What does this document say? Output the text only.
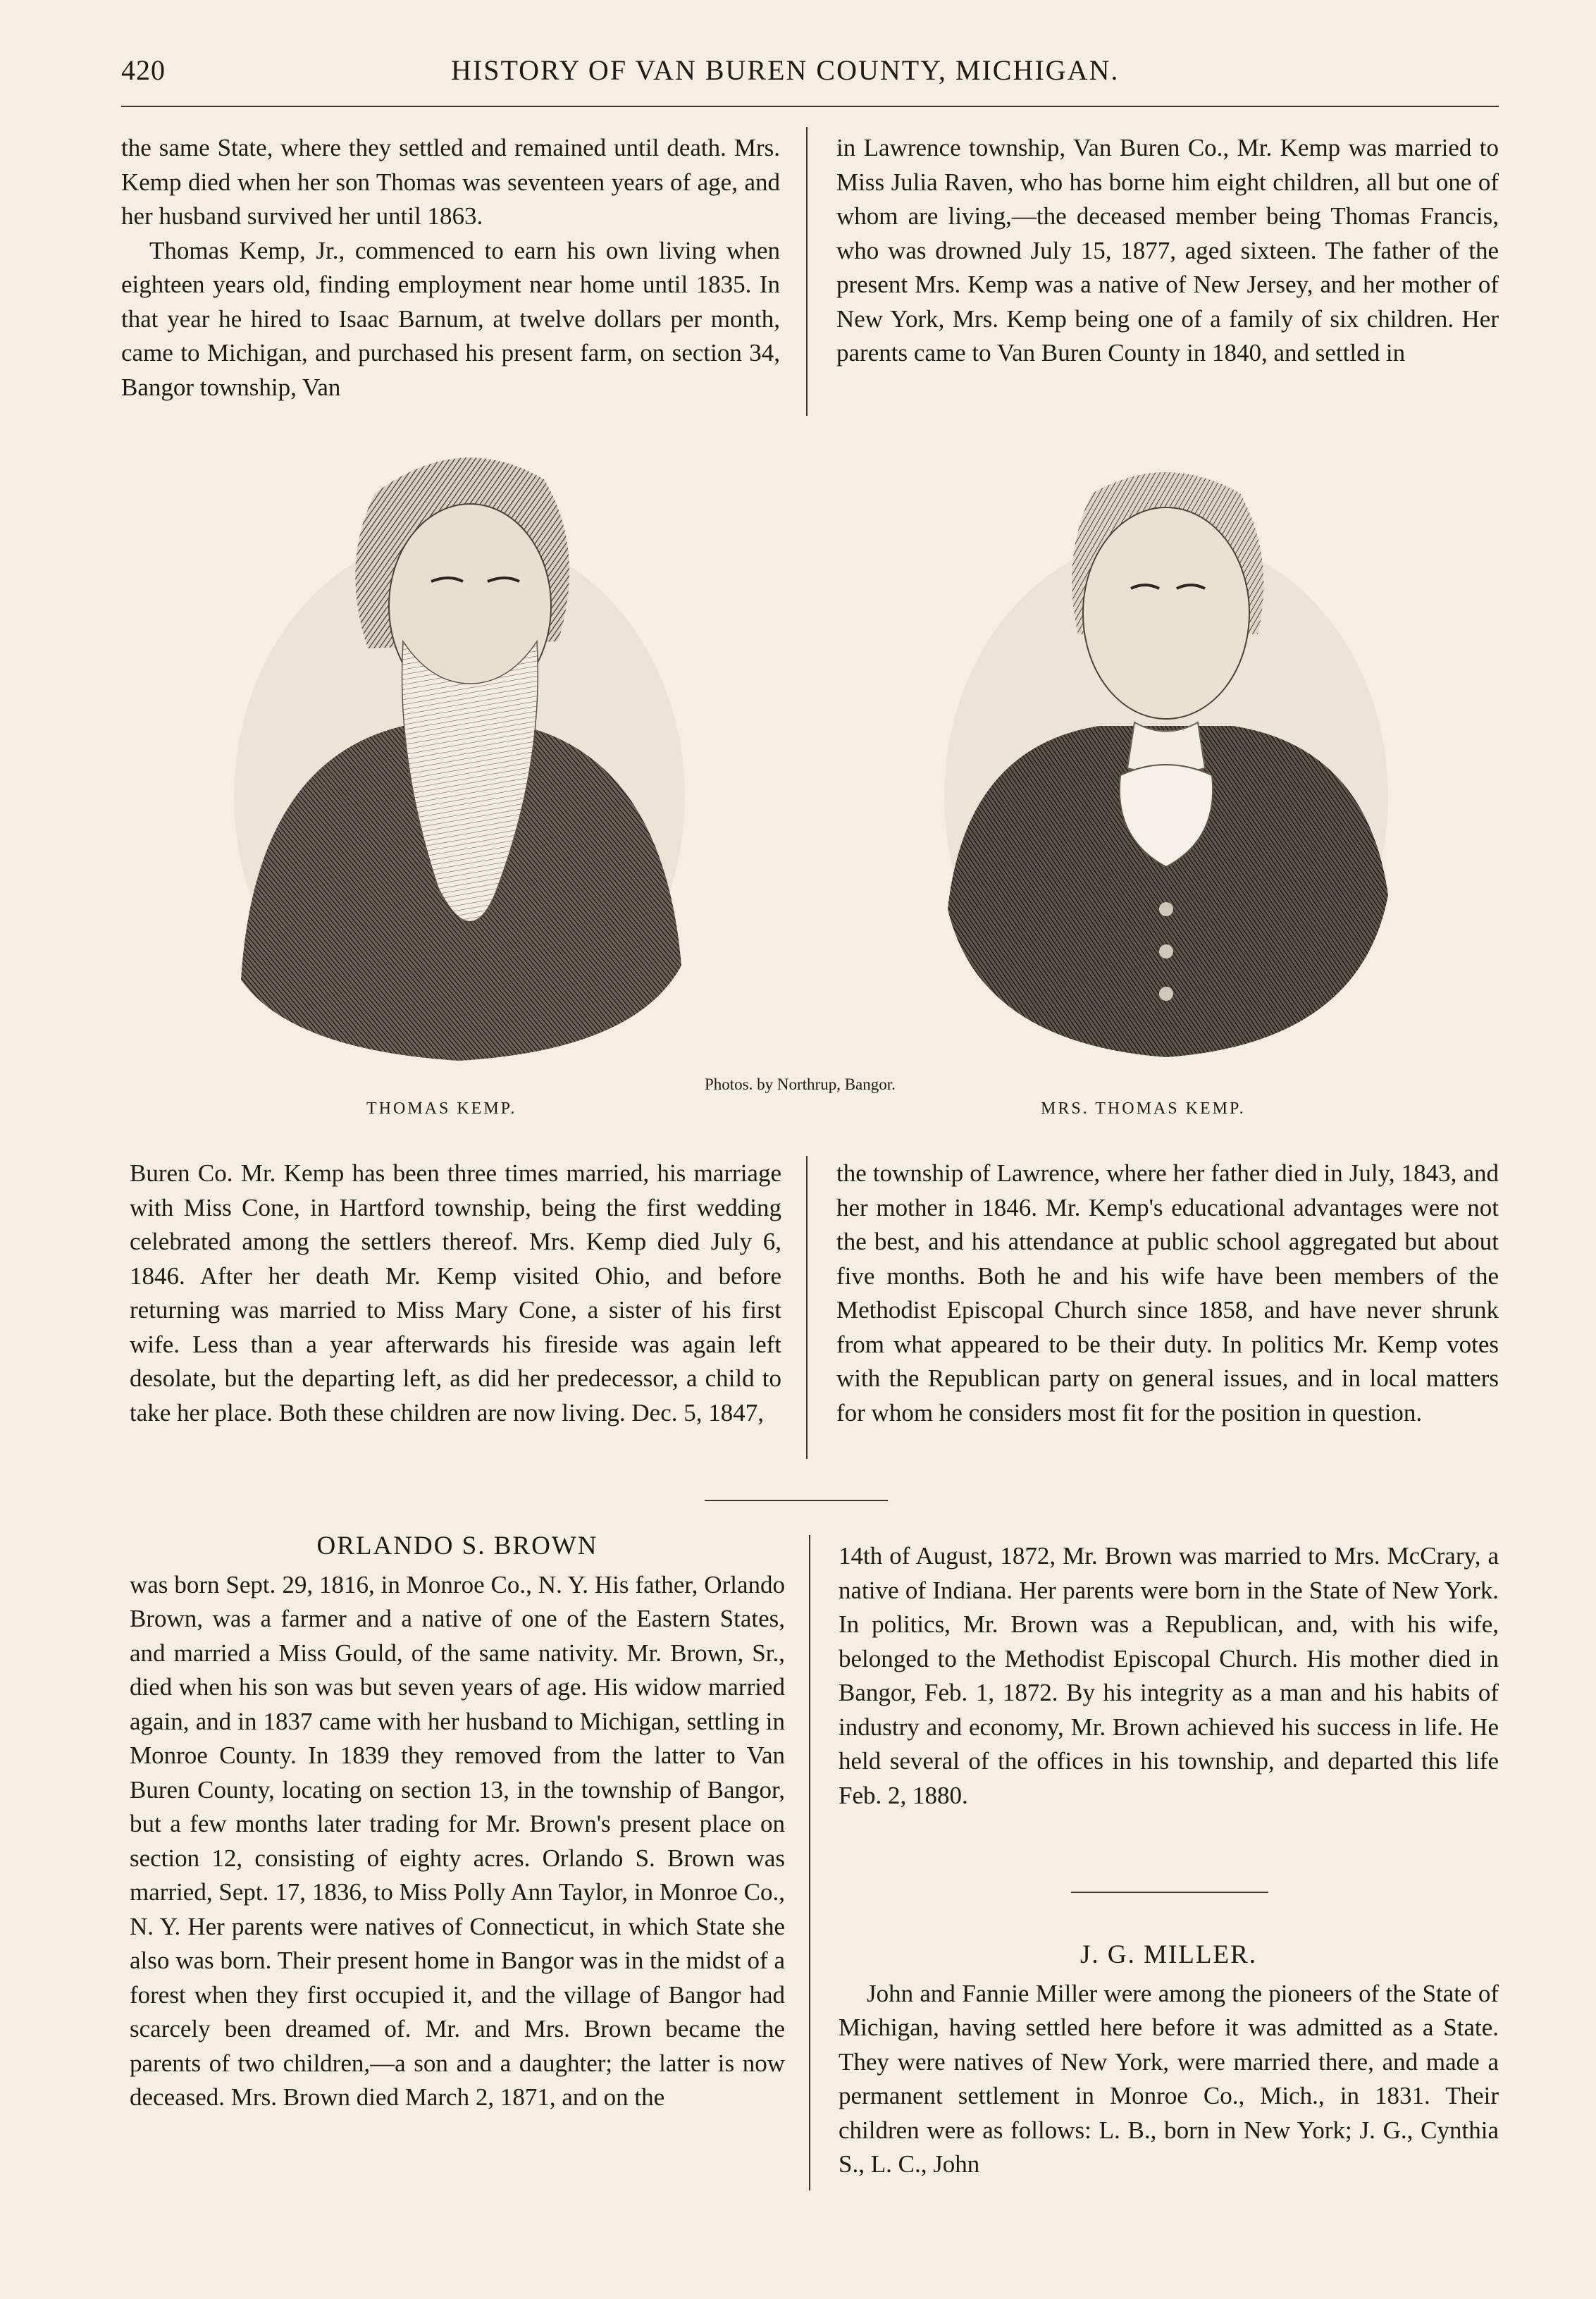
420	HISTORY OF VAN BUREN COUNTY, MICHIGAN.

the same State, where they settled and remained until death. Mrs. Kemp died when her son Thomas was seventeen years of age, and her husband survived her until 1863.

Thomas Kemp, Jr., commenced to earn his own living when eighteen years old, finding employment near home until 1835. In that year he hired to Isaac Barnum, at twelve dollars per month, came to Michigan, and purchased his present farm, on section 34, Bangor township, Van

in Lawrence township, Van Buren Co., Mr. Kemp was married to Miss Julia Raven, who has borne him eight children, all but one of whom are living,—the deceased member being Thomas Francis, who was drowned July 15, 1877, aged sixteen. The father of the present Mrs. Kemp was a native of New Jersey, and her mother of New York, Mrs. Kemp being one of a family of six children. Her parents came to Van Buren County in 1840, and settled in

THOMAS KEMP.
Photos. by Northrup, Bangor.
MRS. THOMAS KEMP.

Buren Co. Mr. Kemp has been three times married, his marriage with Miss Cone, in Hartford township, being the first wedding celebrated among the settlers thereof. Mrs. Kemp died July 6, 1846. After her death Mr. Kemp visited Ohio, and before returning was married to Miss Mary Cone, a sister of his first wife. Less than a year afterwards his fireside was again left desolate, but the departing left, as did her predecessor, a child to take her place. Both these children are now living. Dec. 5, 1847,

the township of Lawrence, where her father died in July, 1843, and her mother in 1846. Mr. Kemp's educational advantages were not the best, and his attendance at public school aggregated but about five months. Both he and his wife have been members of the Methodist Episcopal Church since 1858, and have never shrunk from what appeared to be their duty. In politics Mr. Kemp votes with the Republican party on general issues, and in local matters for whom he considers most fit for the position in question.

ORLANDO S. BROWN

was born Sept. 29, 1816, in Monroe Co., N. Y. His father, Orlando Brown, was a farmer and a native of one of the Eastern States, and married a Miss Gould, of the same nativity. Mr. Brown, Sr., died when his son was but seven years of age. His widow married again, and in 1837 came with her husband to Michigan, settling in Monroe County. In 1839 they removed from the latter to Van Buren County, locating on section 13, in the township of Bangor, but a few months later trading for Mr. Brown's present place on section 12, consisting of eighty acres. Orlando S. Brown was married, Sept. 17, 1836, to Miss Polly Ann Taylor, in Monroe Co., N. Y. Her parents were natives of Connecticut, in which State she also was born. Their present home in Bangor was in the midst of a forest when they first occupied it, and the village of Bangor had scarcely been dreamed of. Mr. and Mrs. Brown became the parents of two children,—a son and a daughter; the latter is now deceased. Mrs. Brown died March 2, 1871, and on the

14th of August, 1872, Mr. Brown was married to Mrs. McCrary, a native of Indiana. Her parents were born in the State of New York. In politics, Mr. Brown was a Republican, and, with his wife, belonged to the Methodist Episcopal Church. His mother died in Bangor, Feb. 1, 1872. By his integrity as a man and his habits of industry and economy, Mr. Brown achieved his success in life. He held several of the offices in his township, and departed this life Feb. 2, 1880.

J. G. MILLER.

John and Fannie Miller were among the pioneers of the State of Michigan, having settled here before it was admitted as a State. They were natives of New York, were married there, and made a permanent settlement in Monroe Co., Mich., in 1831. Their children were as follows: L. B., born in New York; J. G., Cynthia S., L. C., John
